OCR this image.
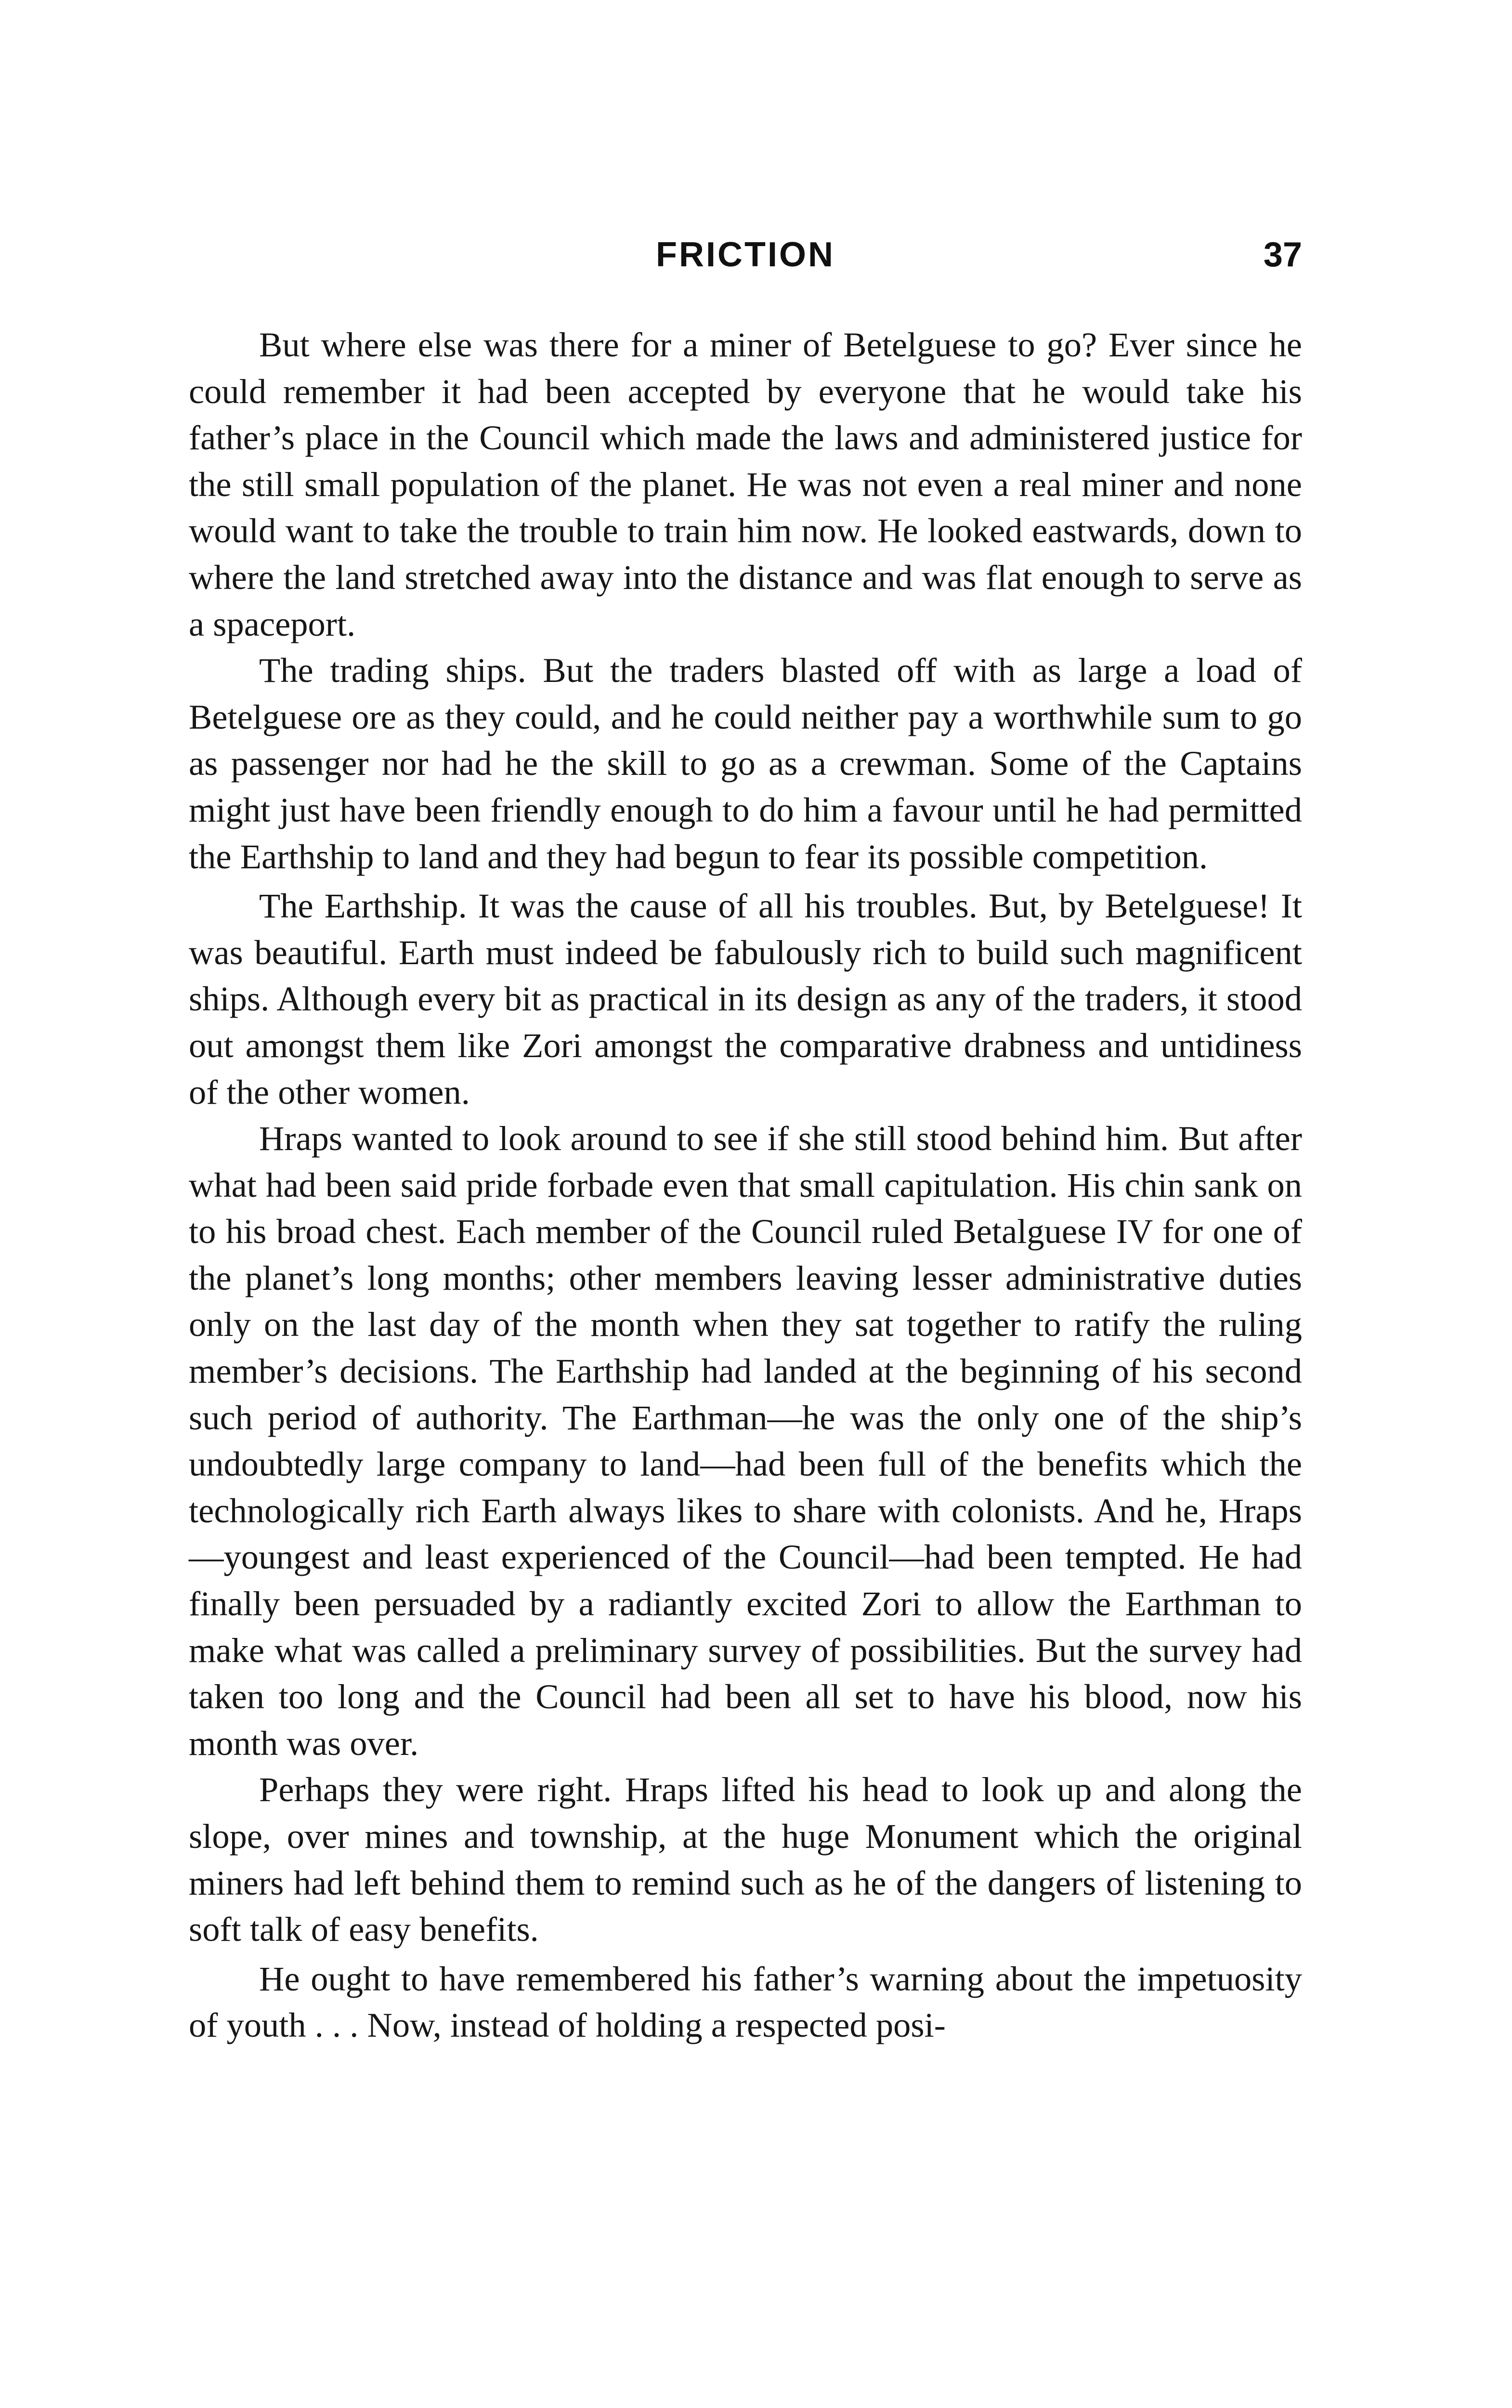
FRICTION	37

But where else was there for a miner of Betelguese to go? Ever since he could remember it had been accepted by everyone that he would take his father’s place in the Council which made the laws and administered justice for the still small population of the planet. He was not even a real miner and none would want to take the trouble to train him now. He looked eastwards, down to where the land stretched away into the distance and was flat enough to serve as a spaceport.

The trading ships. But the traders blasted off with as large a load of Betelguese ore as they could, and he could neither pay a worthwhile sum to go as passenger nor had he the skill to go as a crewman. Some of the Captains might just have been friendly enough to do him a favour until he had permitted the Earthship to land and they had begun to fear its possible competition.

The Earthship. It was the cause of all his troubles. But, by Betelguese! It was beautiful. Earth must indeed be fabulously rich to build such magnificent ships. Although every bit as practical in its design as any of the traders, it stood out amongst them like Zori amongst the comparative drabness and untidiness of the other women.

Hraps wanted to look around to see if she still stood behind him. But after what had been said pride forbade even that small capitulation. His chin sank on to his broad chest. Each member of the Council ruled Betalguese IV for one of the planet’s long months; other members leaving lesser administrative duties only on the last day of the month when they sat together to ratify the ruling member’s decisions. The Earthship had landed at the beginning of his second such period of authority. The Earthman—he was the only one of the ship’s undoubtedly large company to land—had been full of the benefits which the technologically rich Earth always likes to share with colonists. And he, Hraps—youngest and least experienced of the Council—had been tempted. He had finally been persuaded by a radiantly excited Zori to allow the Earthman to make what was called a preliminary survey of possibilities. But the survey had taken too long and the Council had been all set to have his blood, now his month was over.

Perhaps they were right. Hraps lifted his head to look up and along the slope, over mines and township, at the huge Monument which the original miners had left behind them to remind such as he of the dangers of listening to soft talk of easy benefits.

He ought to have remembered his father’s warning about the impetuosity of youth . . . Now, instead of holding a respected posi-
